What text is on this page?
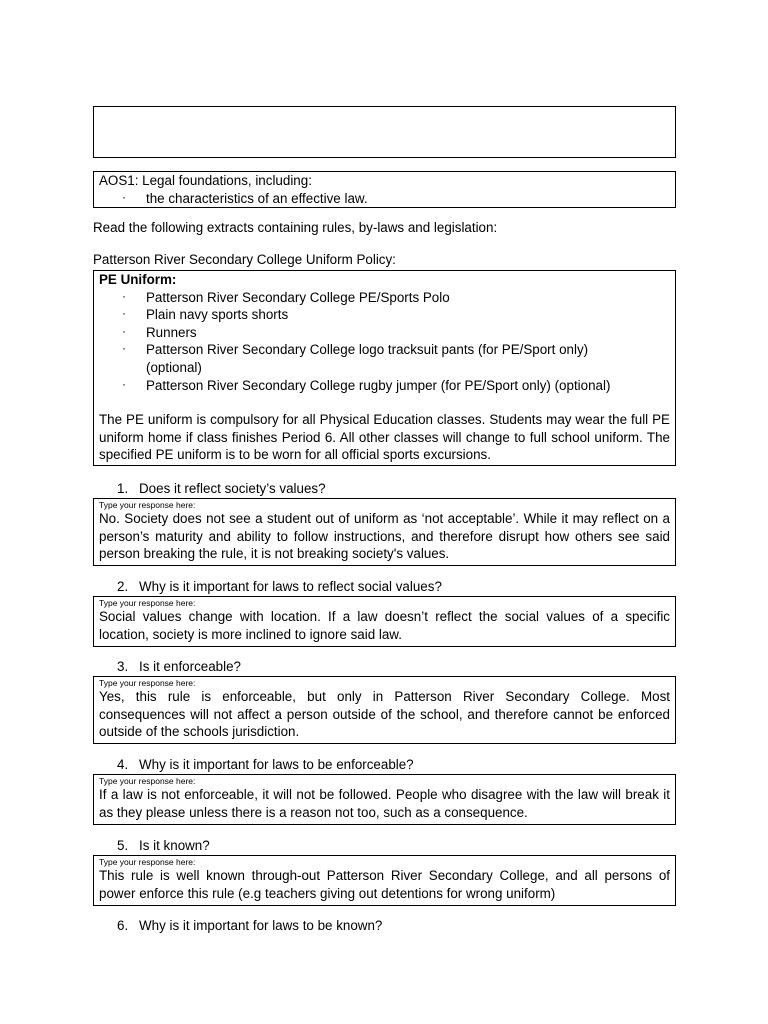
AOS1: Legal foundations, including:
· the characteristics of an effective law.
Read the following extracts containing rules, by-laws and legislation:
Patterson River Secondary College Uniform Policy:
PE Uniform:
· Patterson River Secondary College PE/Sports Polo
· Plain navy sports shorts
· Runners
· Patterson River Secondary College logo tracksuit pants (for PE/Sport only) (optional)
· Patterson River Secondary College rugby jumper (for PE/Sport only) (optional)
The PE uniform is compulsory for all Physical Education classes. Students may wear the full PE uniform home if class finishes Period 6. All other classes will change to full school uniform. The specified PE uniform is to be worn for all official sports excursions.
1. Does it reflect society’s values?
Type your response here:
No. Society does not see a student out of uniform as ‘not acceptable’. While it may reflect on a person’s maturity and ability to follow instructions, and therefore disrupt how others see said person breaking the rule, it is not breaking society's values.
2. Why is it important for laws to reflect social values?
Type your response here:
Social values change with location. If a law doesn’t reflect the social values of a specific location, society is more inclined to ignore said law.
3. Is it enforceable?
Type your response here:
Yes, this rule is enforceable, but only in Patterson River Secondary College. Most consequences will not affect a person outside of the school, and therefore cannot be enforced outside of the schools jurisdiction.
4. Why is it important for laws to be enforceable?
Type your response here:
If a law is not enforceable, it will not be followed. People who disagree with the law will break it as they please unless there is a reason not too, such as a consequence.
5. Is it known?
Type your response here:
This rule is well known through-out Patterson River Secondary College, and all persons of power enforce this rule (e.g teachers giving out detentions for wrong uniform)
6. Why is it important for laws to be known?
